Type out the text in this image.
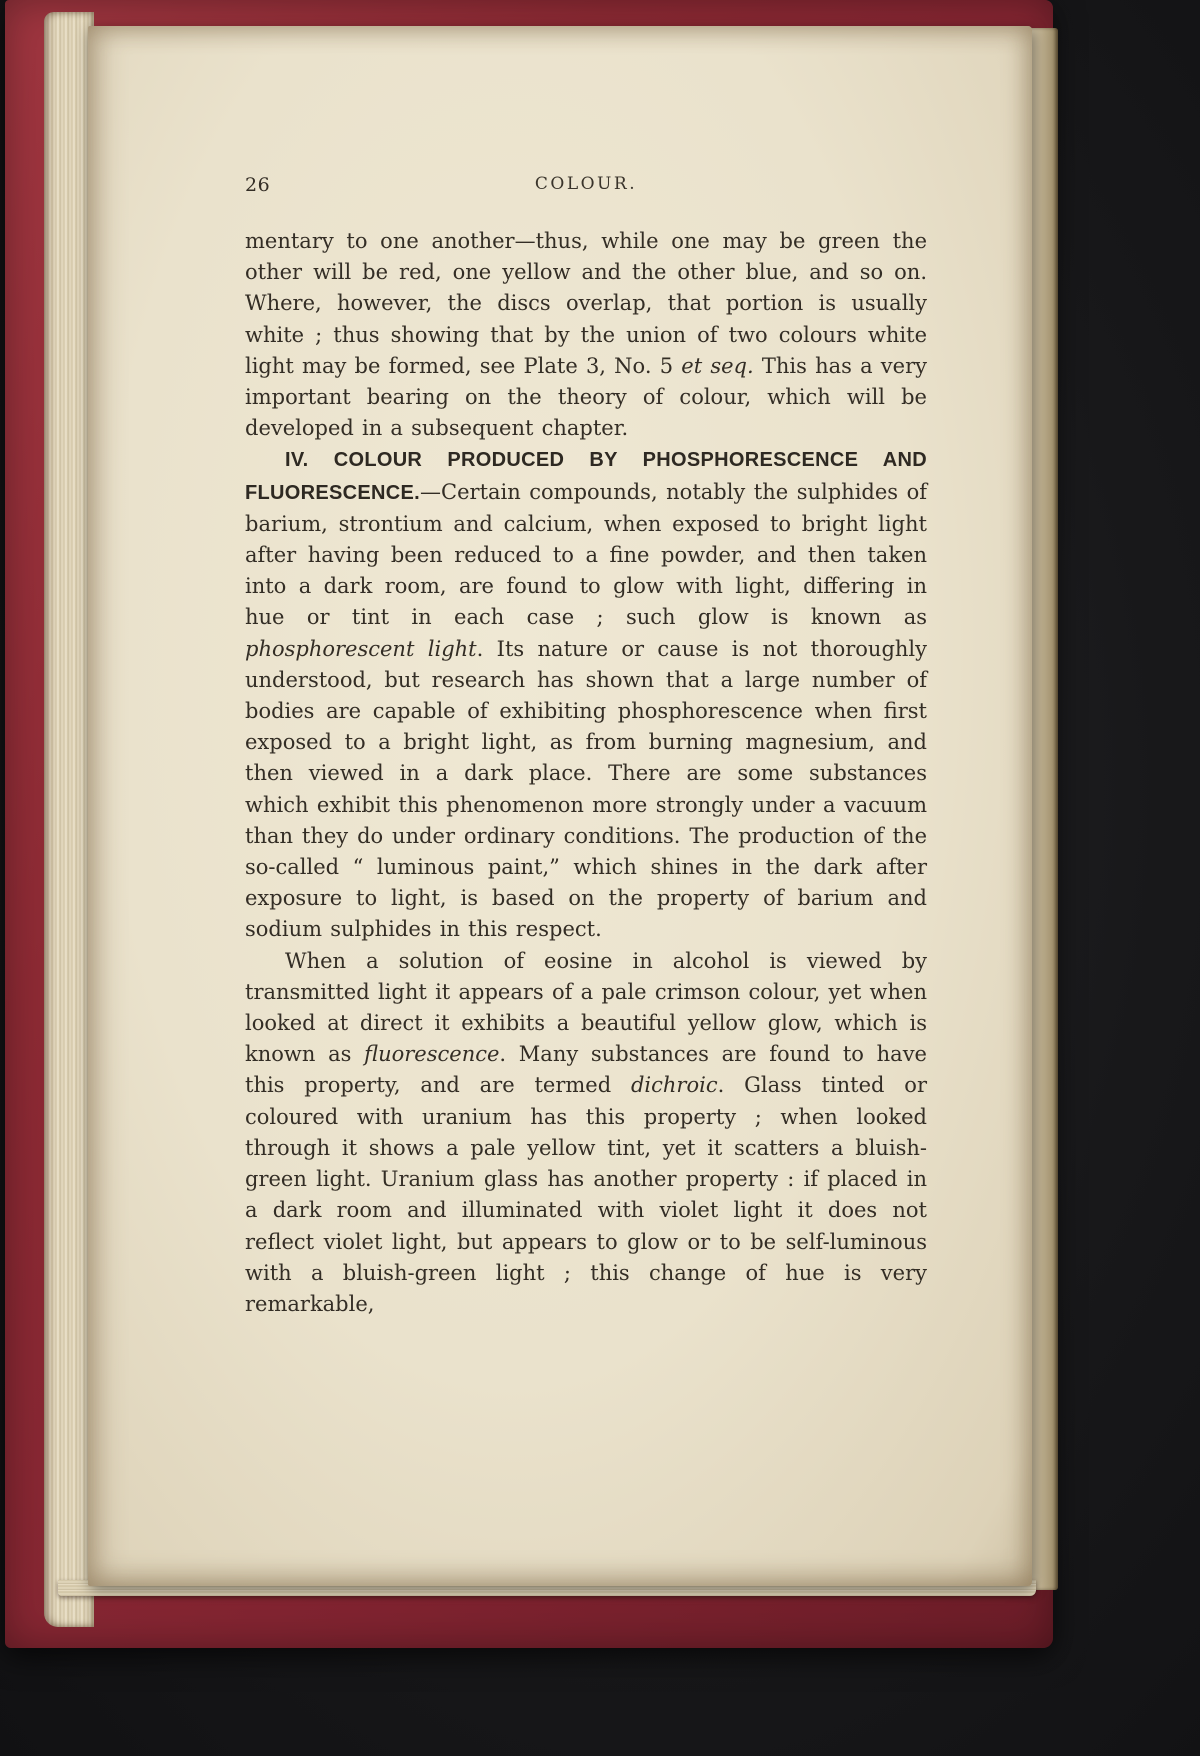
26	COLOUR.

mentary to one another—thus, while one may be green the other will be red, one yellow and the other blue, and so on. Where, however, the discs overlap, that portion is usually white ; thus showing that by the union of two colours white light may be formed, see Plate 3, No. 5 et seq. This has a very important bearing on the theory of colour, which will be developed in a subsequent chapter.

IV. COLOUR PRODUCED BY PHOSPHORESCENCE AND FLUORESCENCE.—Certain compounds, notably the sulphides of barium, strontium and calcium, when exposed to bright light after having been reduced to a fine powder, and then taken into a dark room, are found to glow with light, differing in hue or tint in each case ; such glow is known as phosphorescent light. Its nature or cause is not thoroughly understood, but research has shown that a large number of bodies are capable of exhibiting phosphorescence when first exposed to a bright light, as from burning magnesium, and then viewed in a dark place. There are some substances which exhibit this phenomenon more strongly under a vacuum than they do under ordinary conditions. The production of the so-called “ luminous paint,” which shines in the dark after exposure to light, is based on the property of barium and sodium sulphides in this respect.

When a solution of eosine in alcohol is viewed by transmitted light it appears of a pale crimson colour, yet when looked at direct it exhibits a beautiful yellow glow, which is known as fluorescence. Many substances are found to have this property, and are termed dichroic. Glass tinted or coloured with uranium has this property ; when looked through it shows a pale yellow tint, yet it scatters a bluish-green light. Uranium glass has another property : if placed in a dark room and illuminated with violet light it does not reflect violet light, but appears to glow or to be self-luminous with a bluish-green light ; this change of hue is very remarkable,
